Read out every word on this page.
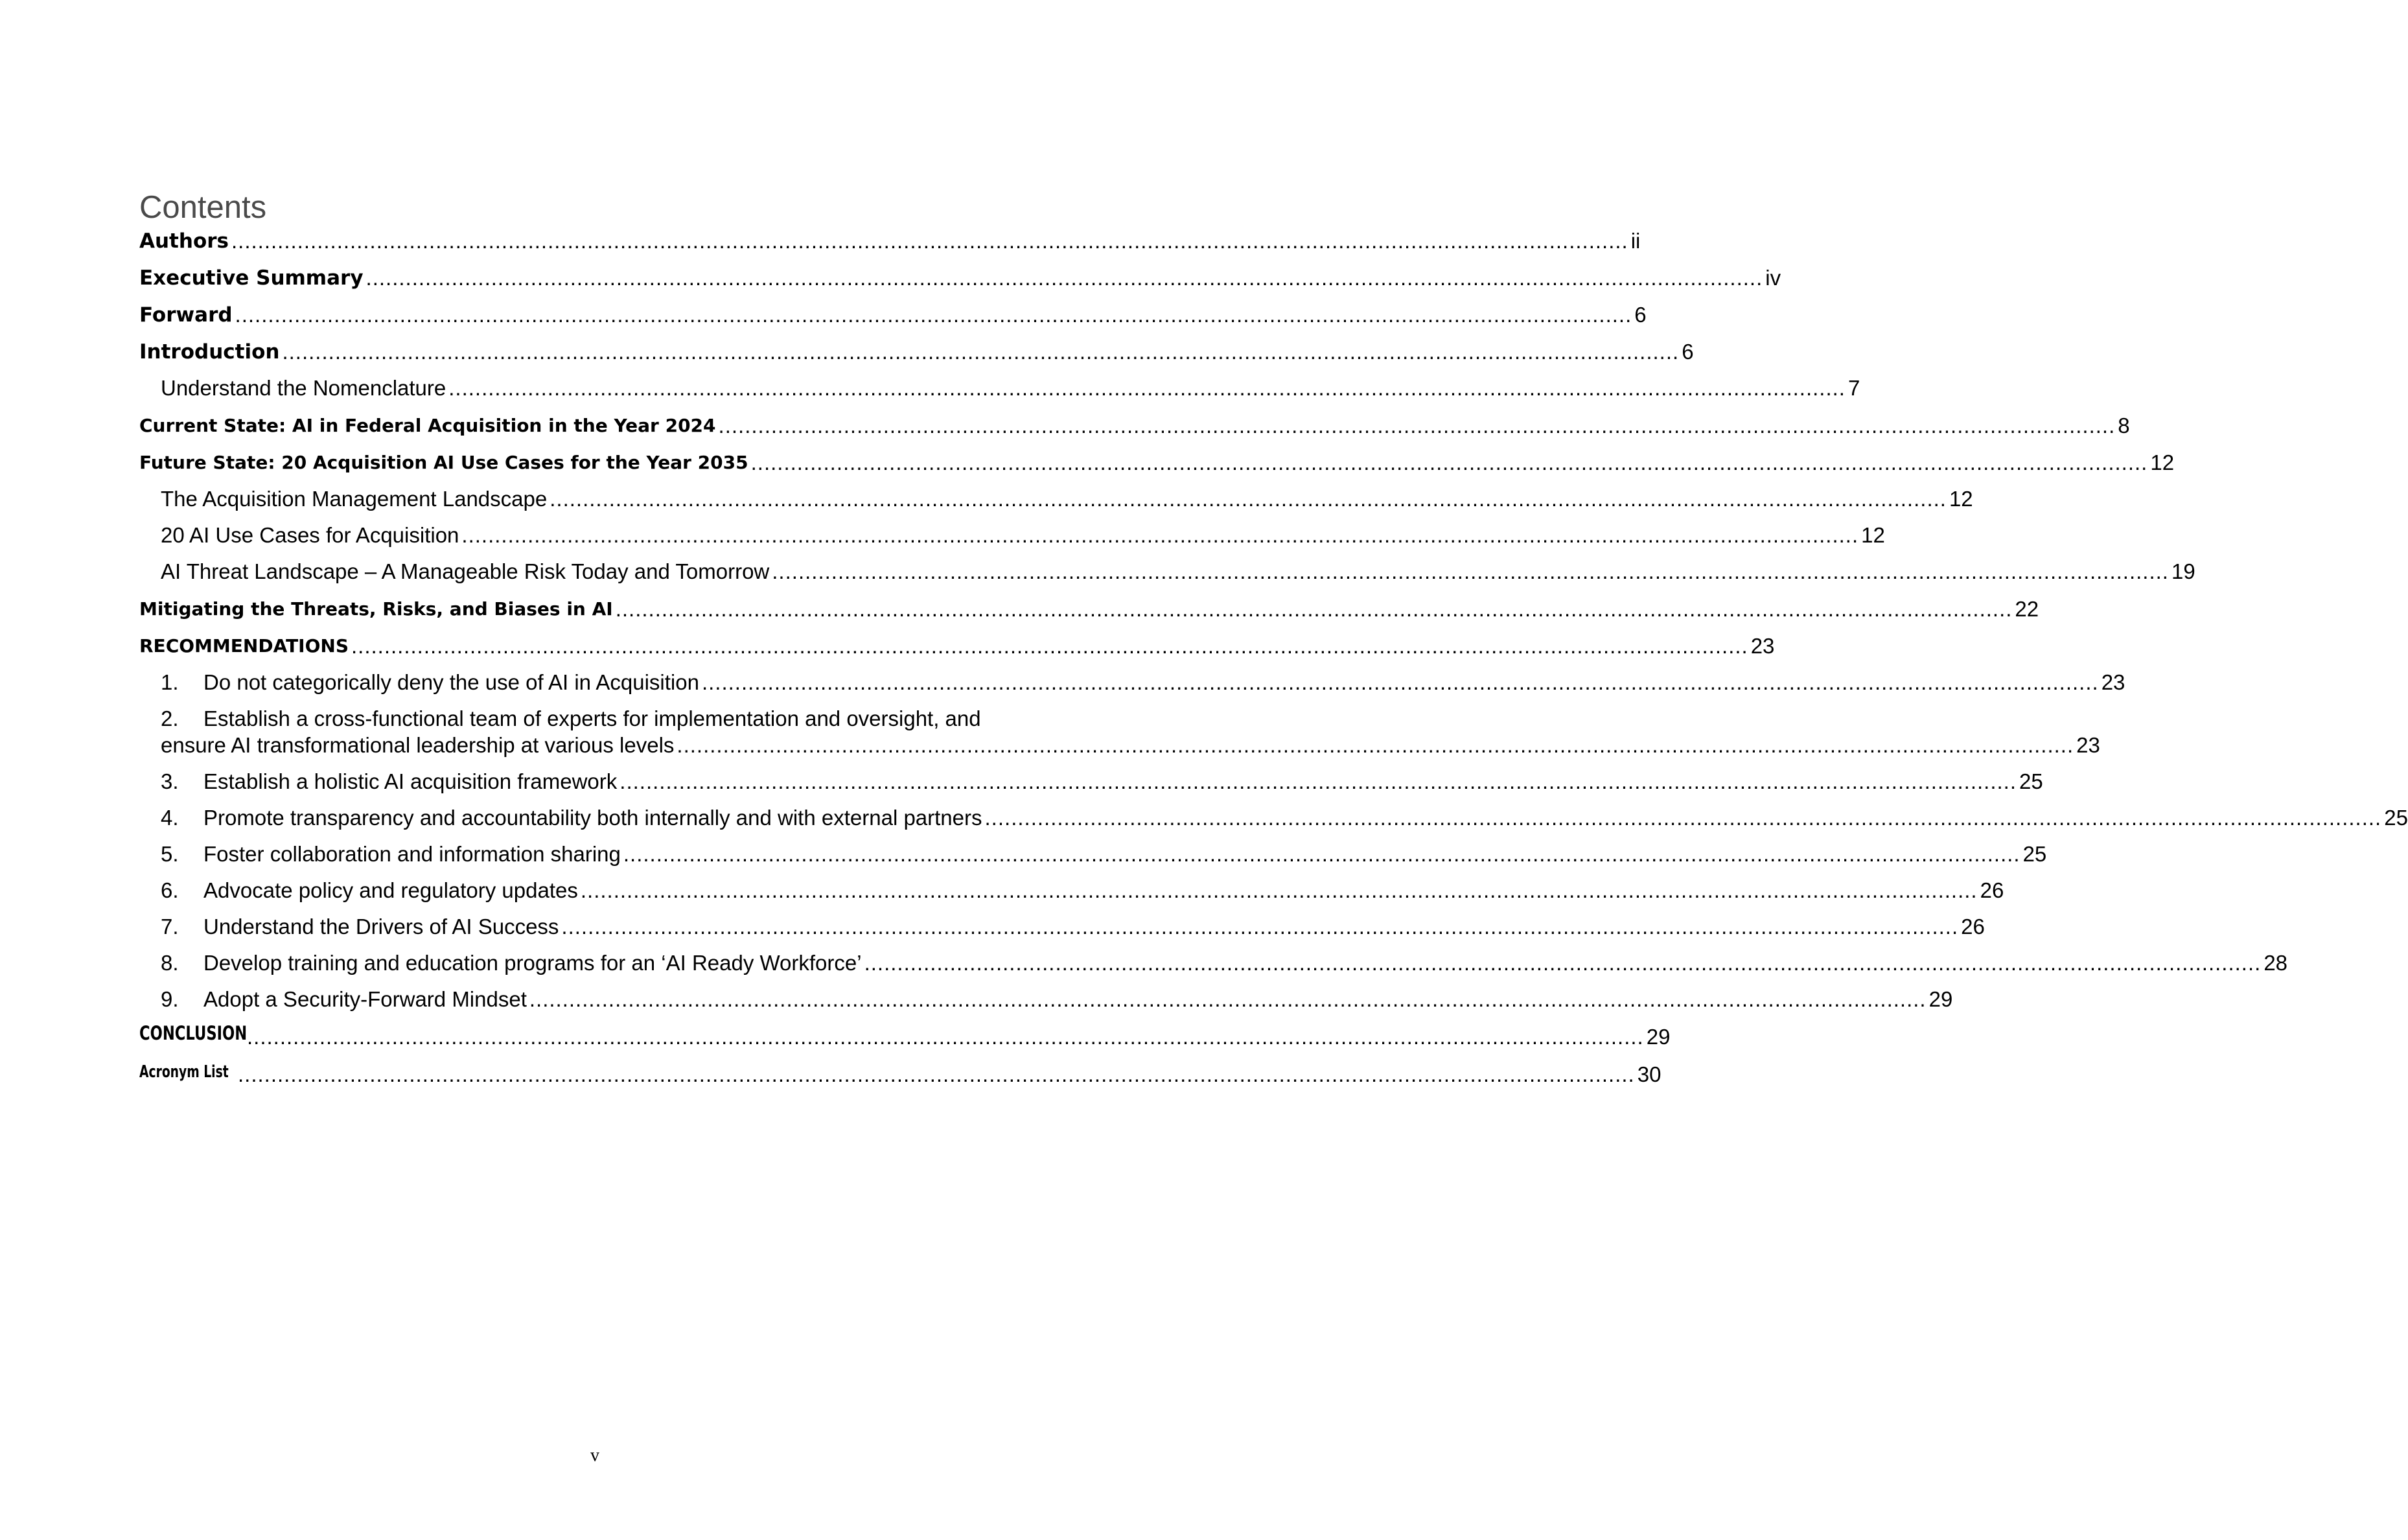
Contents
Authors .................................................................................................................................................................................................................... ii
Executive Summary .................................................................................................................................................................................................................... iv
Forward .................................................................................................................................................................................................................... 6
Introduction .................................................................................................................................................................................................................... 6
Understand the Nomenclature .................................................................................................................................................................................................................... 7
Current State: AI in Federal Acquisition in the Year 2024 .................................................................................................................................................................................................................... 8
Future State: 20 Acquisition AI Use Cases for the Year 2035 .................................................................................................................................................................................................................... 12
The Acquisition Management Landscape .................................................................................................................................................................................................................... 12
20 AI Use Cases for Acquisition .................................................................................................................................................................................................................... 12
AI Threat Landscape – A Manageable Risk Today and Tomorrow .................................................................................................................................................................................................................... 19
Mitigating the Threats, Risks, and Biases in AI .................................................................................................................................................................................................................... 22
RECOMMENDATIONS .................................................................................................................................................................................................................... 23
1. Do not categorically deny the use of AI in Acquisition .................................................................................................................................................................................................................... 23
2. Establish a cross-functional team of experts for implementation and oversight, and
ensure AI transformational leadership at various levels .................................................................................................................................................................................................................... 23
3. Establish a holistic AI acquisition framework .................................................................................................................................................................................................................... 25
4. Promote transparency and accountability both internally and with external partners .................................................................................................................................................................................................................... 25
5. Foster collaboration and information sharing .................................................................................................................................................................................................................... 25
6. Advocate policy and regulatory updates .................................................................................................................................................................................................................... 26
7. Understand the Drivers of AI Success .................................................................................................................................................................................................................... 26
8. Develop training and education programs for an ‘AI Ready Workforce’ .................................................................................................................................................................................................................... 28
9. Adopt a Security-Forward Mindset .................................................................................................................................................................................................................... 29
CONCLUSION .................................................................................................................................................................................................................... 29
Acronym List .................................................................................................................................................................................................................... 30
v
